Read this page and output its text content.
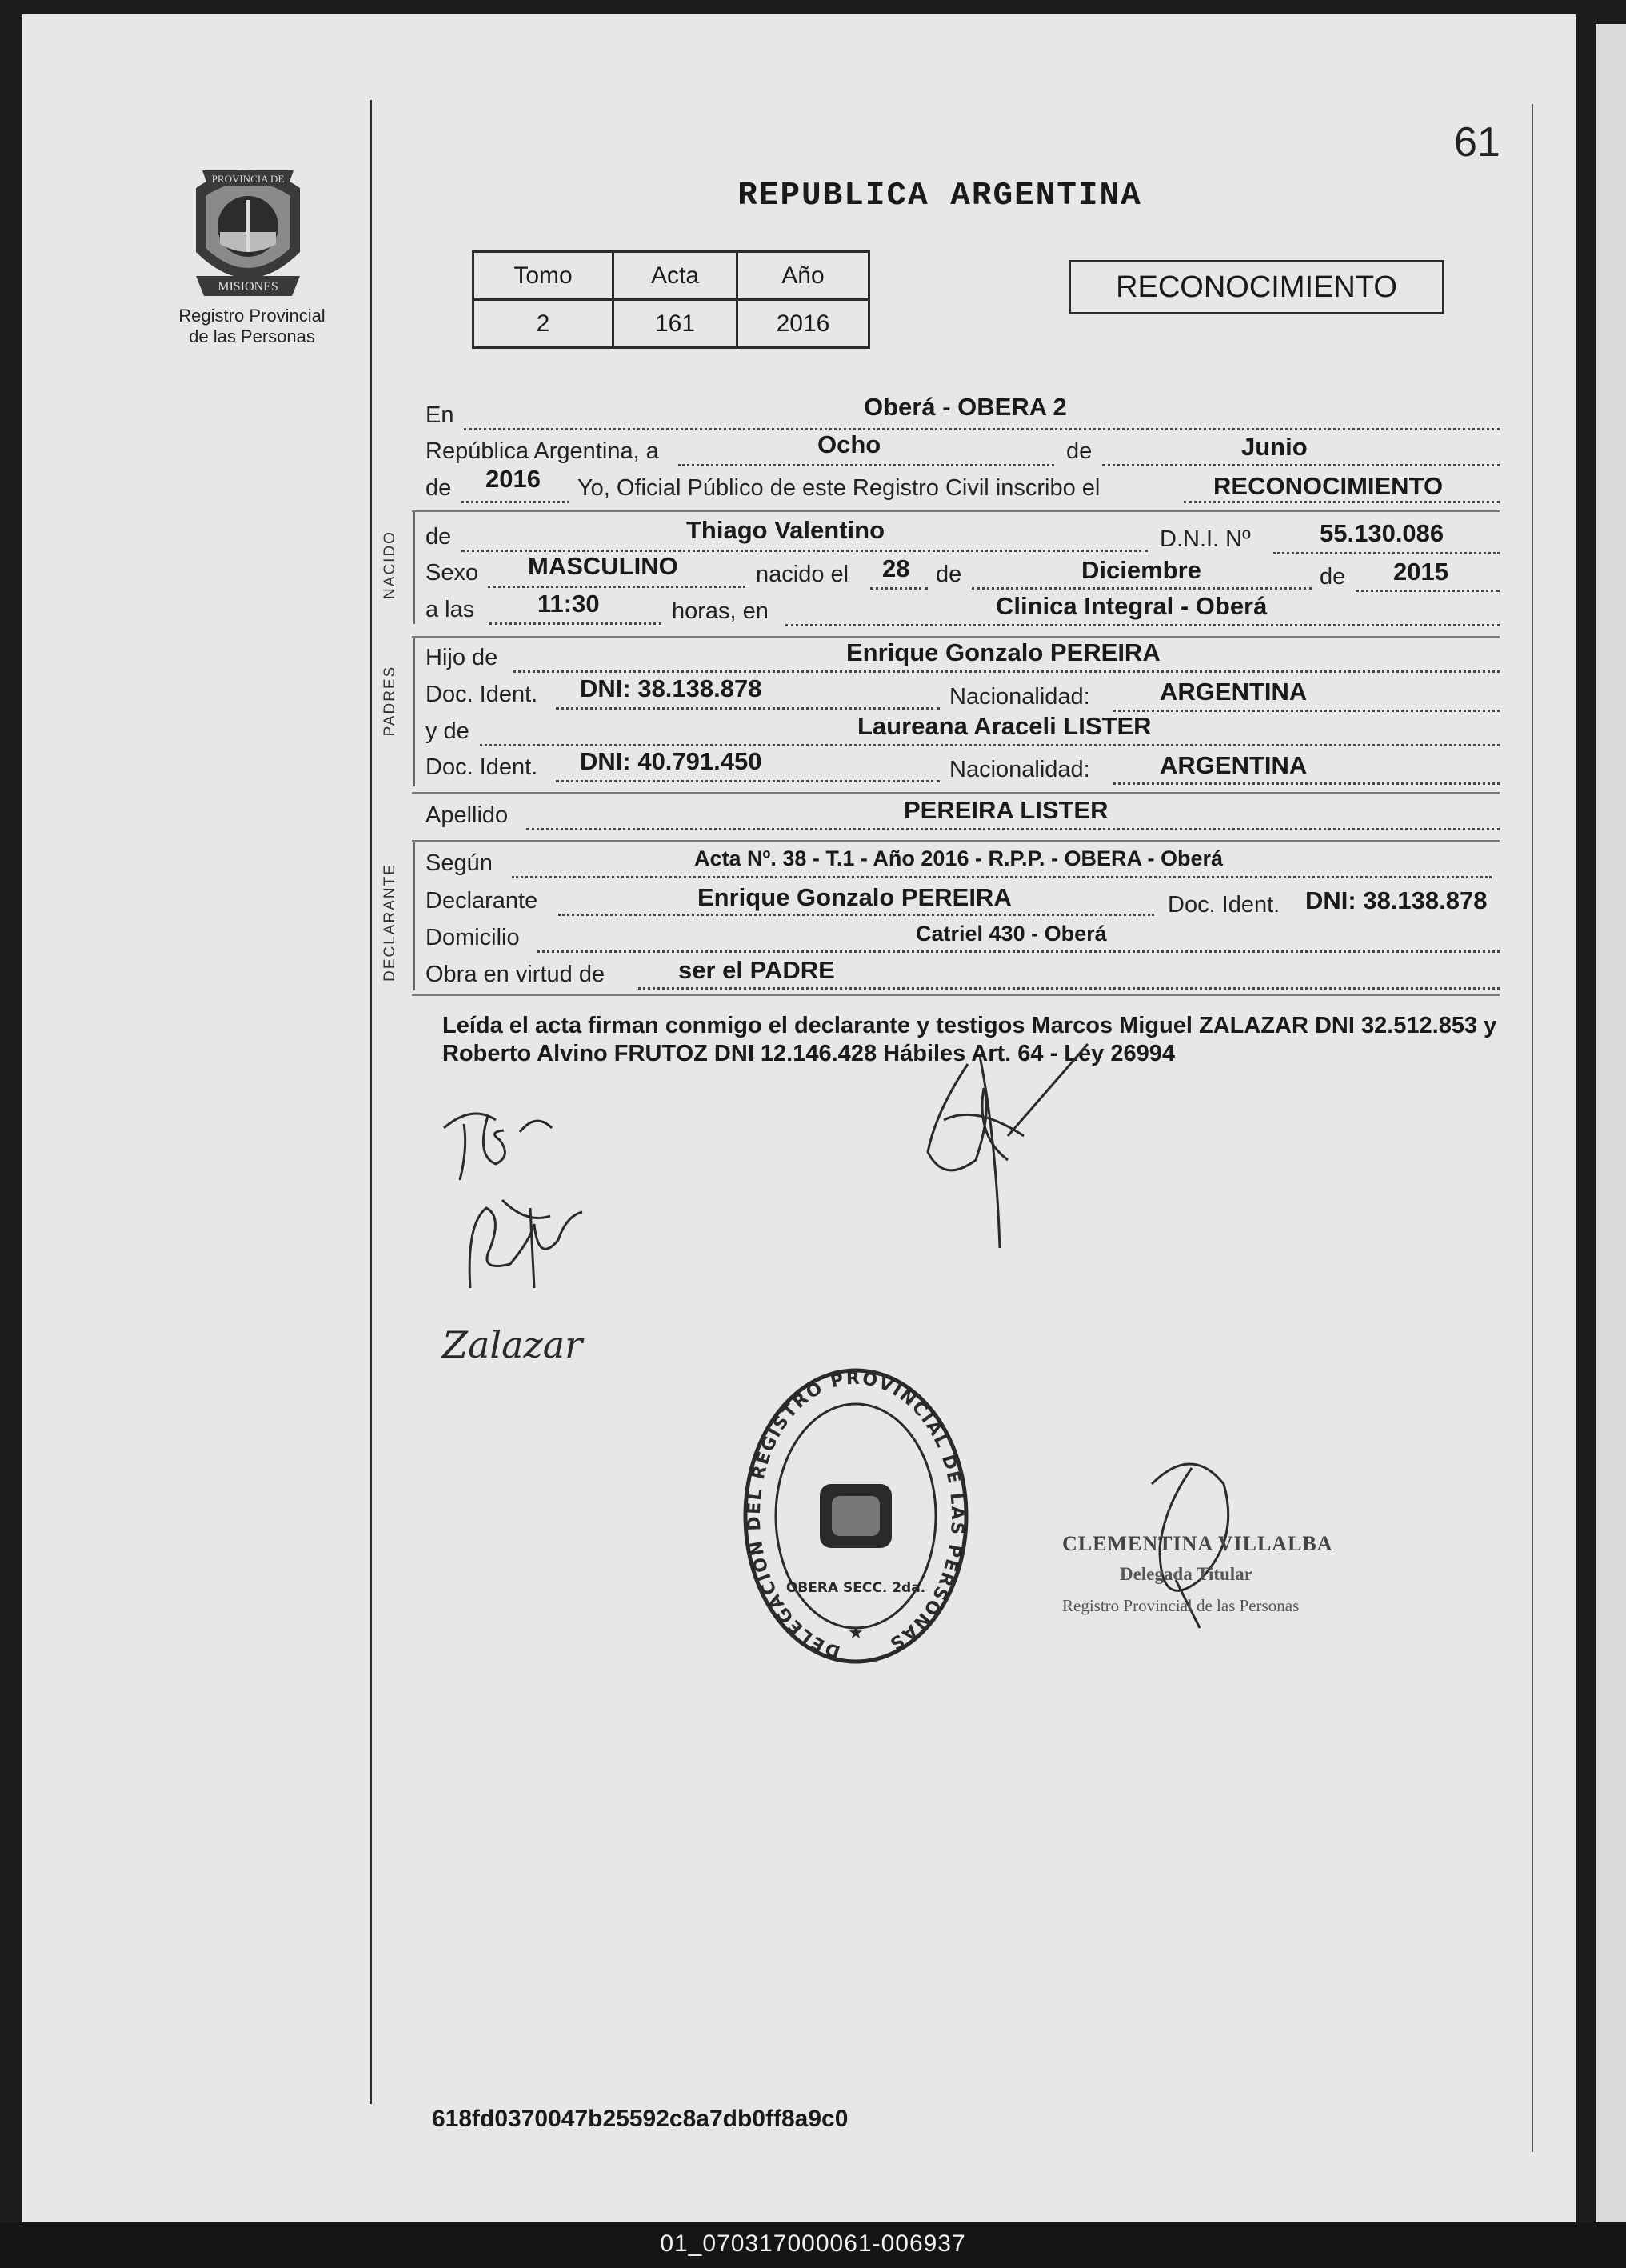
PROVINCIA DE
MISIONES
Registro Provincial
de las Personas
61
REPUBLICA ARGENTINA
Tomo	Acta	Año
2	161	2016
RECONOCIMIENTO
En	Oberá - OBERA 2
República Argentina, a	Ocho	de	Junio
de 2016 Yo, Oficial Público de este Registro Civil inscribo el	RECONOCIMIENTO
NACIDO de	Thiago Valentino	D.N.I. Nº	55.130.086
Sexo MASCULINO	nacido el 28 de	Diciembre	de 2015
a las	11:30	horas, en	Clinica Integral - Oberá
PADRES
Hijo de	Enrique Gonzalo PEREIRA
Doc. Ident. DNI: 38.138.878	Nacionalidad:	ARGENTINA
y de	Laureana Araceli LISTER
Doc. Ident. DNI: 40.791.450	Nacionalidad:	ARGENTINA
Apellido	PEREIRA LISTER
DECLARANTE
Según	Acta Nº. 38 - T.1 - Año 2016 - R.P.P. - OBERA - Oberá
Declarante	Enrique Gonzalo PEREIRA	Doc. Ident. DNI: 38.138.878
Domicilio	Catriel 430 - Oberá
Obra en virtud de	ser el PADRE
Leída el acta firman conmigo el declarante y testigos Marcos Miguel ZALAZAR DNI 32.512.853 y Roberto Alvino FRUTOZ DNI 12.146.428 Hábiles Art. 64 - Ley 26994
Zalazar
DELEGACION DEL REGISTRO PROVINCIAL DE LAS PERSONAS
OBERA SECC. 2da.
★
CLEMENTINA VILLALBA
Delegada Titular
Registro Provincial de las Personas
618fd0370047b25592c8a7db0ff8a9c0
01_070317000061-006937
